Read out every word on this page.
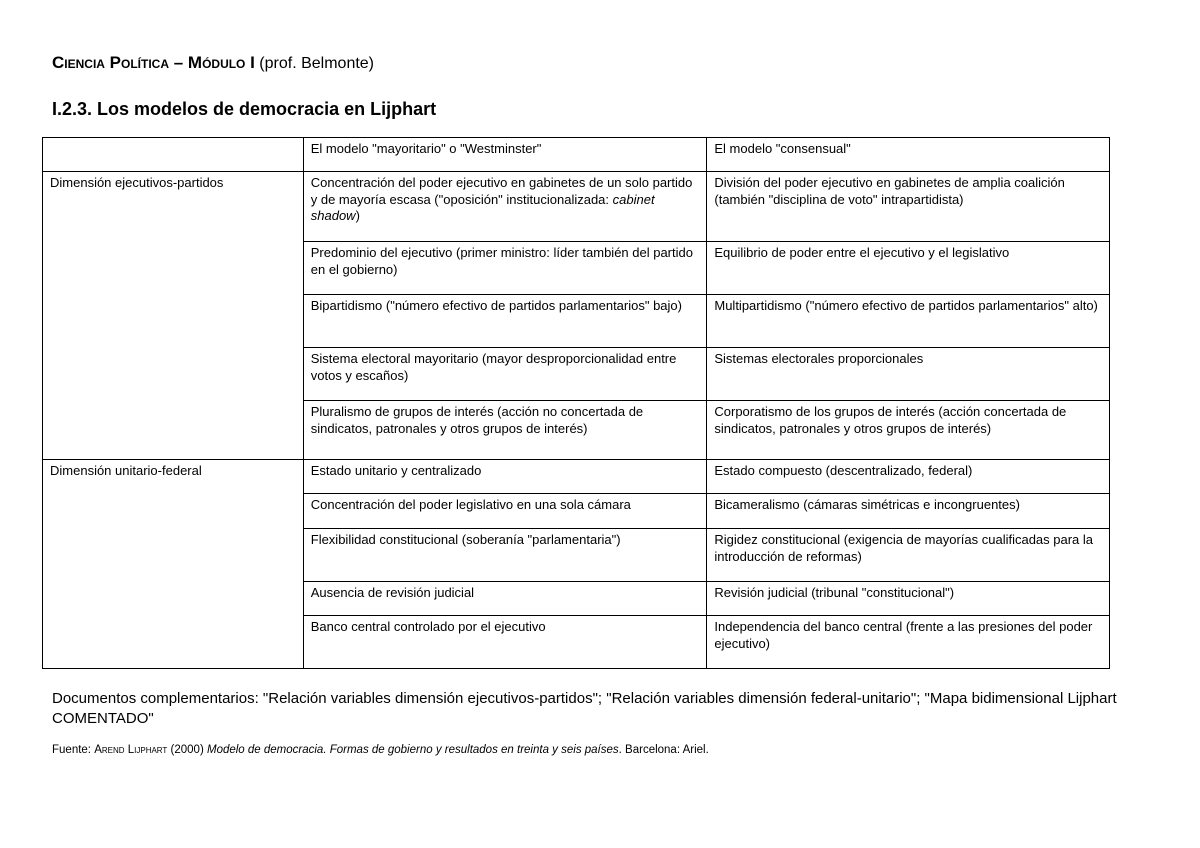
Ciencia Política – Módulo I (prof. Belmonte)
I.2.3. Los modelos de democracia en Lijphart
	El modelo "mayoritario" o "Westminster"	El modelo "consensual"
Dimensión ejecutivos-partidos	Concentración del poder ejecutivo en gabinetes de un solo partido y de mayoría escasa ("oposición" institucionalizada: cabinet shadow)	División del poder ejecutivo en gabinetes de amplia coalición (también "disciplina de voto" intrapartidista)
	Predominio del ejecutivo (primer ministro: líder también del partido en el gobierno)	Equilibrio de poder entre el ejecutivo y el legislativo
	Bipartidismo ("número efectivo de partidos parlamentarios" bajo)	Multipartidismo ("número efectivo de partidos parlamentarios" alto)
	Sistema electoral mayoritario (mayor desproporcionalidad entre votos y escaños)	Sistemas electorales proporcionales
	Pluralismo de grupos de interés (acción no concertada de sindicatos, patronales y otros grupos de interés)	Corporatismo de los grupos de interés (acción concertada de sindicatos, patronales y otros grupos de interés)
Dimensión unitario-federal	Estado unitario y centralizado	Estado compuesto (descentralizado, federal)
	Concentración del poder legislativo en una sola cámara	Bicameralismo (cámaras simétricas e incongruentes)
	Flexibilidad constitucional (soberanía "parlamentaria")	Rigidez constitucional (exigencia de mayorías cualificadas para la introducción de reformas)
	Ausencia de revisión judicial	Revisión judicial (tribunal "constitucional")
	Banco central controlado por el ejecutivo	Independencia del banco central (frente a las presiones del poder ejecutivo)
Documentos complementarios: "Relación variables dimensión ejecutivos-partidos"; "Relación variables dimensión federal-unitario"; "Mapa bidimensional Lijphart COMENTADO"
Fuente: Arend Lijphart (2000) Modelo de democracia. Formas de gobierno y resultados en treinta y seis países. Barcelona: Ariel.
